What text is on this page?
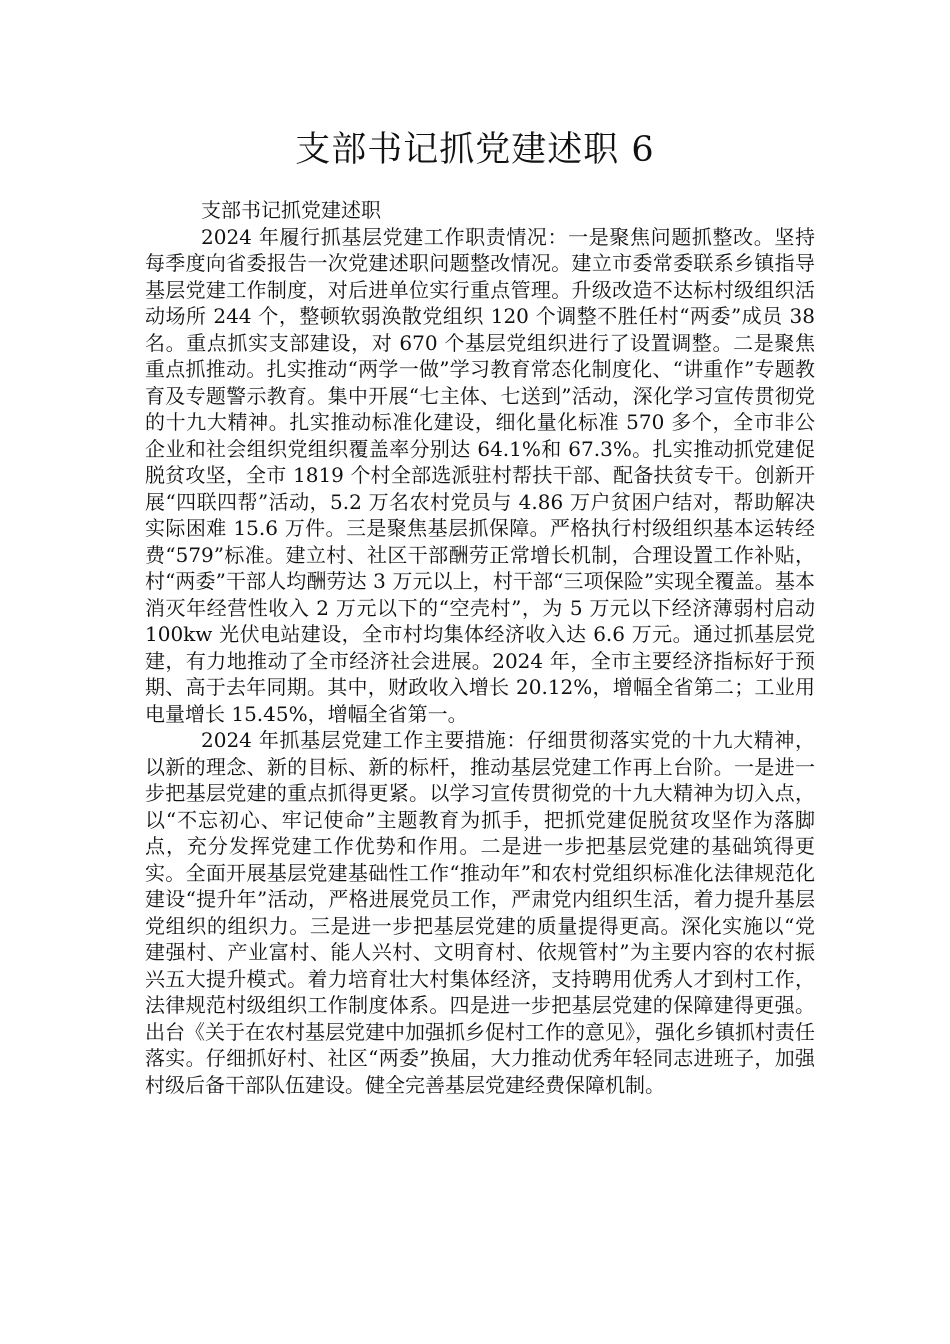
支部书记抓党建述职 6

支部书记抓党建述职

2024 年履行抓基层党建工作职责情况：一是聚焦问题抓整改。坚持每季度向省委报告一次党建述职问题整改情况。建立市委常委联系乡镇指导基层党建工作制度，对后进单位实行重点管理。升级改造不达标村级组织活动场所 244 个，整顿软弱涣散党组织 120 个调整不胜任村“两委”成员 38 名。重点抓实支部建设，对 670 个基层党组织进行了设置调整。二是聚焦重点抓推动。扎实推动“两学一做”学习教育常态化制度化、“讲重作”专题教育及专题警示教育。集中开展“七主体、七送到”活动，深化学习宣传贯彻党的十九大精神。扎实推动标准化建设，细化量化标准 570 多个，全市非公企业和社会组织党组织覆盖率分别达 64.1%和 67.3%。扎实推动抓党建促脱贫攻坚，全市 1819 个村全部选派驻村帮扶干部、配备扶贫专干。创新开展“四联四帮”活动，5.2 万名农村党员与 4.86 万户贫困户结对，帮助解决实际困难 15.6 万件。三是聚焦基层抓保障。严格执行村级组织基本运转经费“579”标准。建立村、社区干部酬劳正常增长机制，合理设置工作补贴，村“两委”干部人均酬劳达 3 万元以上，村干部“三项保险”实现全覆盖。基本消灭年经营性收入 2 万元以下的“空壳村”，为 5 万元以下经济薄弱村启动 100kw 光伏电站建设，全市村均集体经济收入达 6.6 万元。通过抓基层党建，有力地推动了全市经济社会进展。2024 年，全市主要经济指标好于预期、高于去年同期。其中，财政收入增长 20.12%，增幅全省第二；工业用电量增长 15.45%，增幅全省第一。

2024 年抓基层党建工作主要措施：仔细贯彻落实党的十九大精神，以新的理念、新的目标、新的标杆，推动基层党建工作再上台阶。一是进一步把基层党建的重点抓得更紧。以学习宣传贯彻党的十九大精神为切入点，以“不忘初心、牢记使命”主题教育为抓手，把抓党建促脱贫攻坚作为落脚点，充分发挥党建工作优势和作用。二是进一步把基层党建的基础筑得更实。全面开展基层党建基础性工作“推动年”和农村党组织标准化法律规范化建设“提升年”活动，严格进展党员工作，严肃党内组织生活，着力提升基层党组织的组织力。三是进一步把基层党建的质量提得更高。深化实施以“党建强村、产业富村、能人兴村、文明育村、依规管村”为主要内容的农村振兴五大提升模式。着力培育壮大村集体经济，支持聘用优秀人才到村工作，法律规范村级组织工作制度体系。四是进一步把基层党建的保障建得更强。出台《关于在农村基层党建中加强抓乡促村工作的意见》，强化乡镇抓村责任落实。仔细抓好村、社区“两委”换届，大力推动优秀年轻同志进班子，加强村级后备干部队伍建设。健全完善基层党建经费保障机制。
